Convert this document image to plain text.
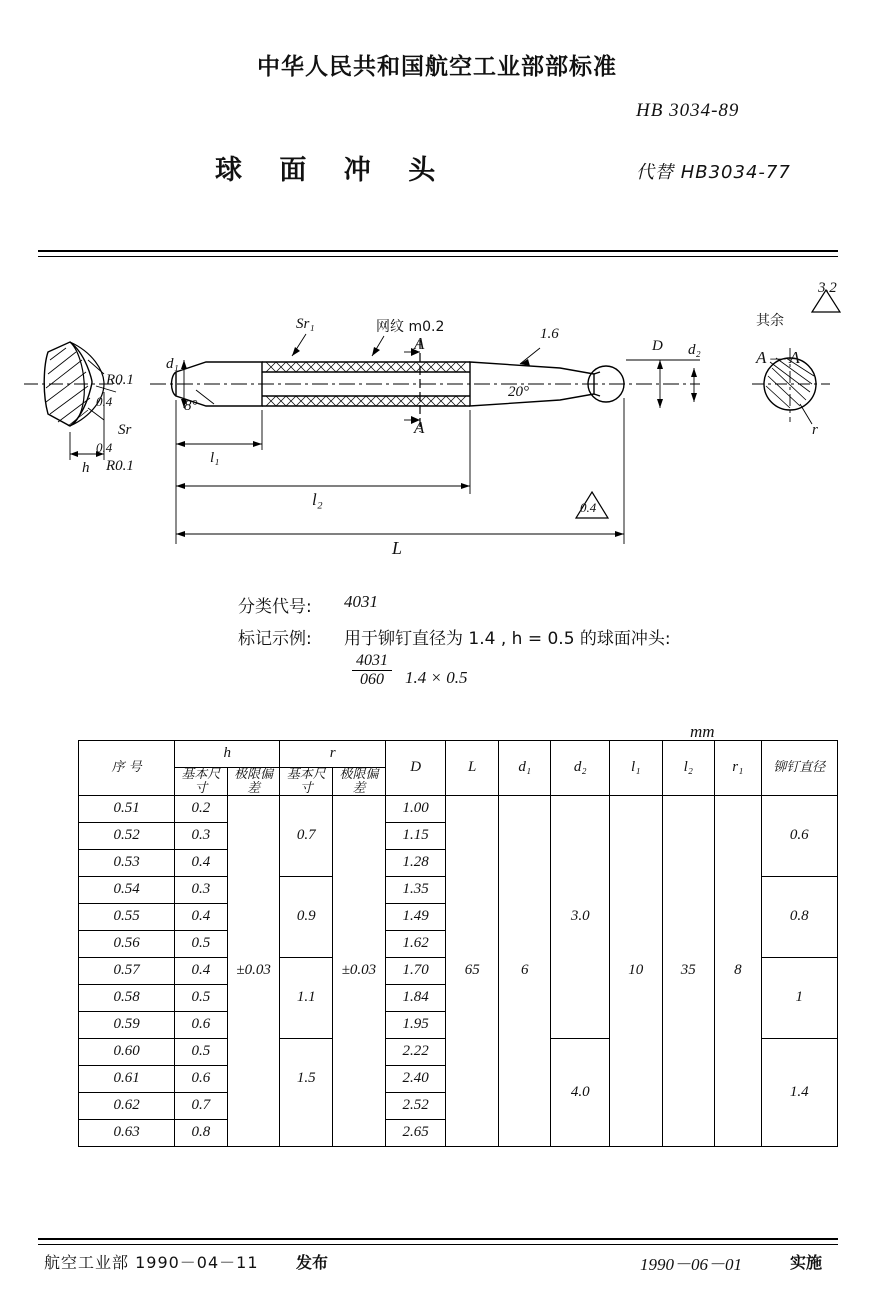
中华人民共和国航空工业部部标准
HB 3034-89
球 面 冲 头	代替 HB3034-77
R0.1
0.4
Sr
0.4
R0.1
h
Sr₁	网纹 m0.2
A
A
d₁
8°
20°
1.6
0.4
D d₂
l₁
l₂
L
其余
3.2
A — A
r
分类代号: 4031
标记示例: 用于铆钉直径为 1.4 , h = 0.5 的球面冲头:
$\frac{4031}{060} 1.4 \times 0.5$
mm
序 号	h		r		D	L	d₁	d₂	l₁	l₂	r₁	铆钉直径
	基本尺寸	极限偏差	基本尺寸	极限偏差								

0.51	0.2	±0.03		±0.03	1.00	65	6	3.0	10	35	8	0.6
0.52	0.3		0.7		1.15							
0.53	0.4				1.28							
0.54	0.3				1.35							0.8
0.55	0.4		0.9		1.49							
0.56	0.5				1.62							
0.57	0.4				1.70							1
0.58	0.5		1.1		1.84							
0.59	0.6				1.95							
0.60	0.5				2.22			4.0				1.4
0.61	0.6		1.5		2.40							
0.62	0.7				2.52							
0.63	0.8				2.65							
航空工业部 1990－04－11 发布	1990－06－01	实施
